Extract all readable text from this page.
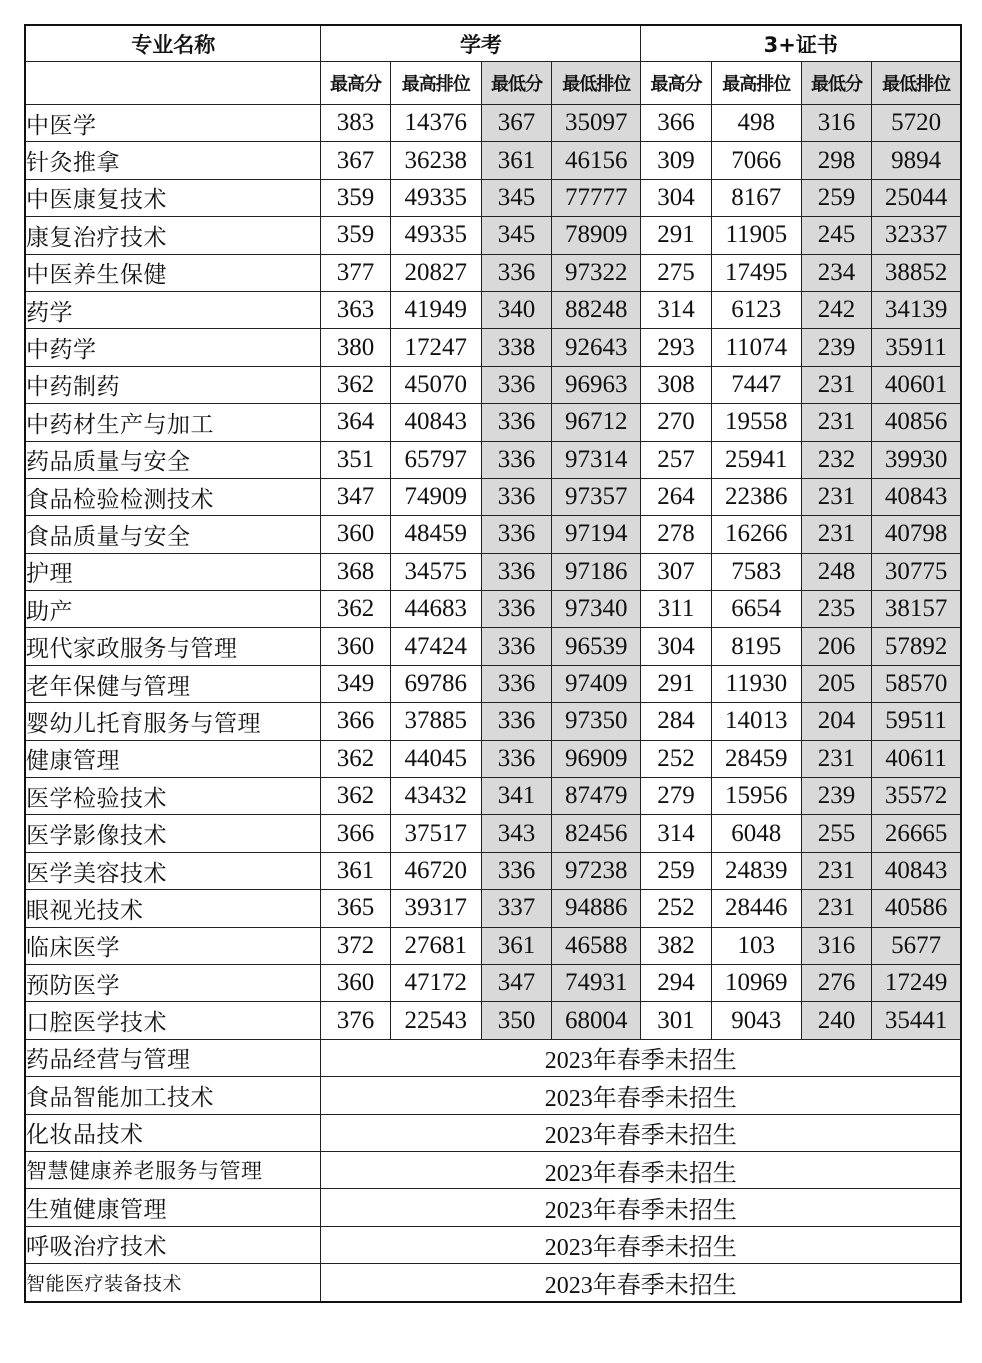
专业名称	学考				3+证书			
	最高分	最高排位	最低分	最低排位	最高分	最高排位	最低分	最低排位
中医学	383	14376	367	35097	366	498	316	5720
针灸推拿	367	36238	361	46156	309	7066	298	9894
中医康复技术	359	49335	345	77777	304	8167	259	25044
康复治疗技术	359	49335	345	78909	291	11905	245	32337
中医养生保健	377	20827	336	97322	275	17495	234	38852
药学	363	41949	340	88248	314	6123	242	34139
中药学	380	17247	338	92643	293	11074	239	35911
中药制药	362	45070	336	96963	308	7447	231	40601
中药材生产与加工	364	40843	336	96712	270	19558	231	40856
药品质量与安全	351	65797	336	97314	257	25941	232	39930
食品检验检测技术	347	74909	336	97357	264	22386	231	40843
食品质量与安全	360	48459	336	97194	278	16266	231	40798
护理	368	34575	336	97186	307	7583	248	30775
助产	362	44683	336	97340	311	6654	235	38157
现代家政服务与管理	360	47424	336	96539	304	8195	206	57892
老年保健与管理	349	69786	336	97409	291	11930	205	58570
婴幼儿托育服务与管理	366	37885	336	97350	284	14013	204	59511
健康管理	362	44045	336	96909	252	28459	231	40611
医学检验技术	362	43432	341	87479	279	15956	239	35572
医学影像技术	366	37517	343	82456	314	6048	255	26665
医学美容技术	361	46720	336	97238	259	24839	231	40843
眼视光技术	365	39317	337	94886	252	28446	231	40586
临床医学	372	27681	361	46588	382	103	316	5677
预防医学	360	47172	347	74931	294	10969	276	17249
口腔医学技术	376	22543	350	68004	301	9043	240	35441
药品经营与管理	2023年春季未招生							
食品智能加工技术	2023年春季未招生							
化妆品技术	2023年春季未招生							
智慧健康养老服务与管理	2023年春季未招生							
生殖健康管理	2023年春季未招生							
呼吸治疗技术	2023年春季未招生							
智能医疗装备技术	2023年春季未招生							
